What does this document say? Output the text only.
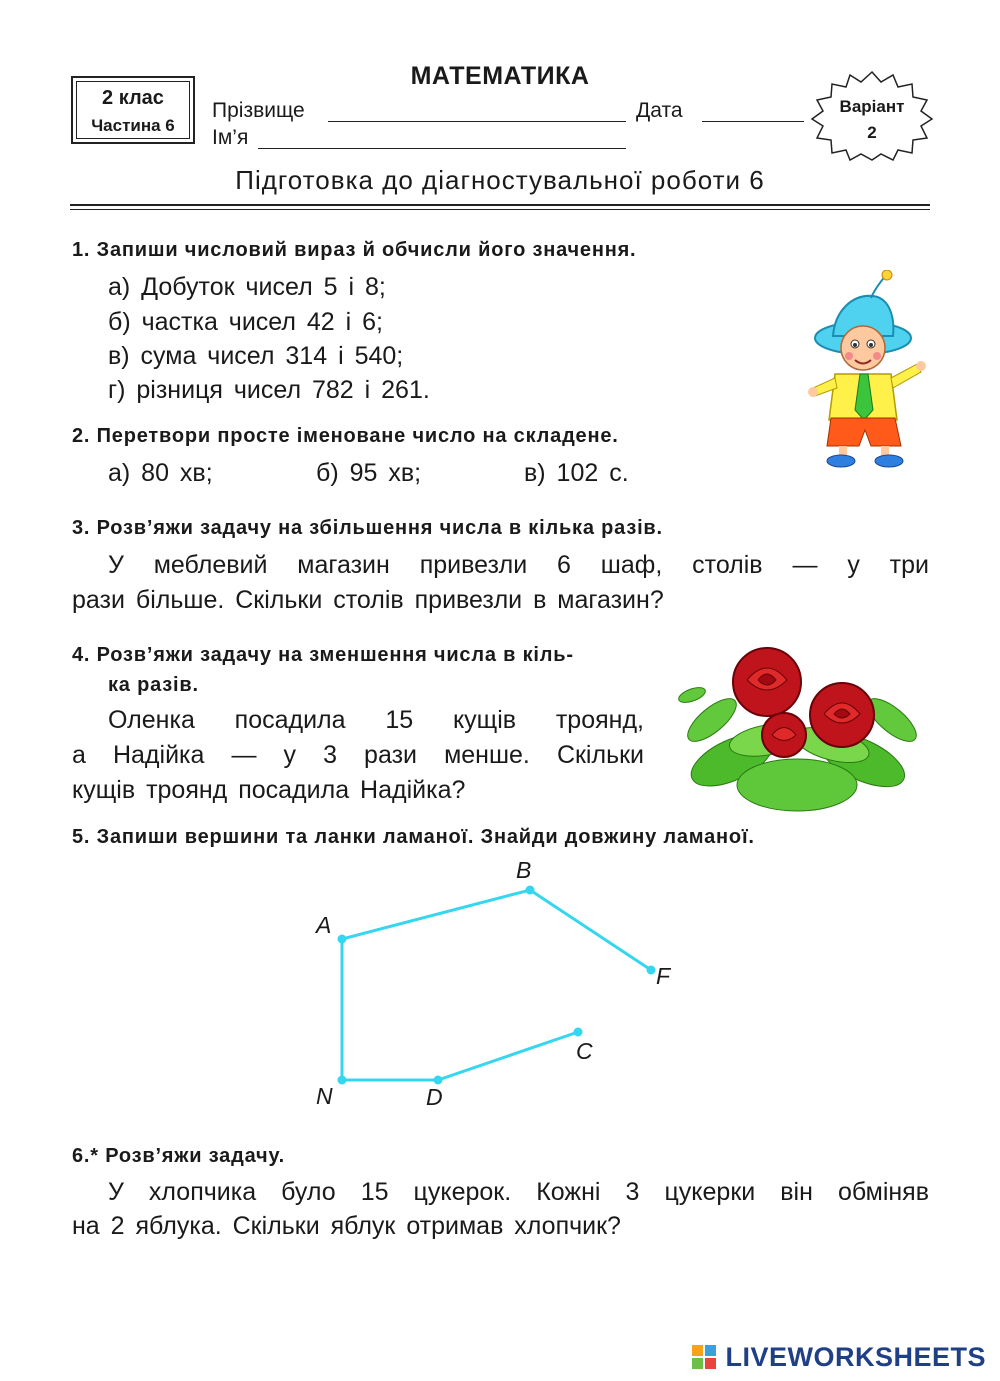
2 клас
Частина 6
МАТЕМАТИКА
Прізвище	Дата
Ім’я
Варіант
2
Підготовка до діагностувальної роботи 6
1. Запиши числовий вираз й обчисли його значення.
а) Добуток чисел 5 і 8;
б) частка чисел 42 і 6;
в) сума чисел 314 і 540;
г) різниця чисел 782 і 261.
2. Перетвори просте іменоване число на складене.
а) 80 хв;	б) 95 хв;	в) 102 с.
3. Розв’яжи задачу на збільшення числа в кілька разів.
У меблевий магазин привезли 6 шаф, столів — у три
рази більше. Скільки столів привезли в магазин?
4. Розв’яжи задачу на зменшення числа в кіль-
ка разів.
Оленка посадила 15 кущів троянд,
а Надійка — у 3 рази менше. Скільки
кущів троянд посадила Надійка?
5. Запиши вершини та ланки ламаної. Знайди довжину ламаної.
A
B
F
N	D
C
6.* Розв’яжи задачу.
У хлопчика було 15 цукерок. Кожні 3 цукерки він обміняв
на 2 яблука. Скільки яблук отримав хлопчик?
LIVEWORKSHEETS
